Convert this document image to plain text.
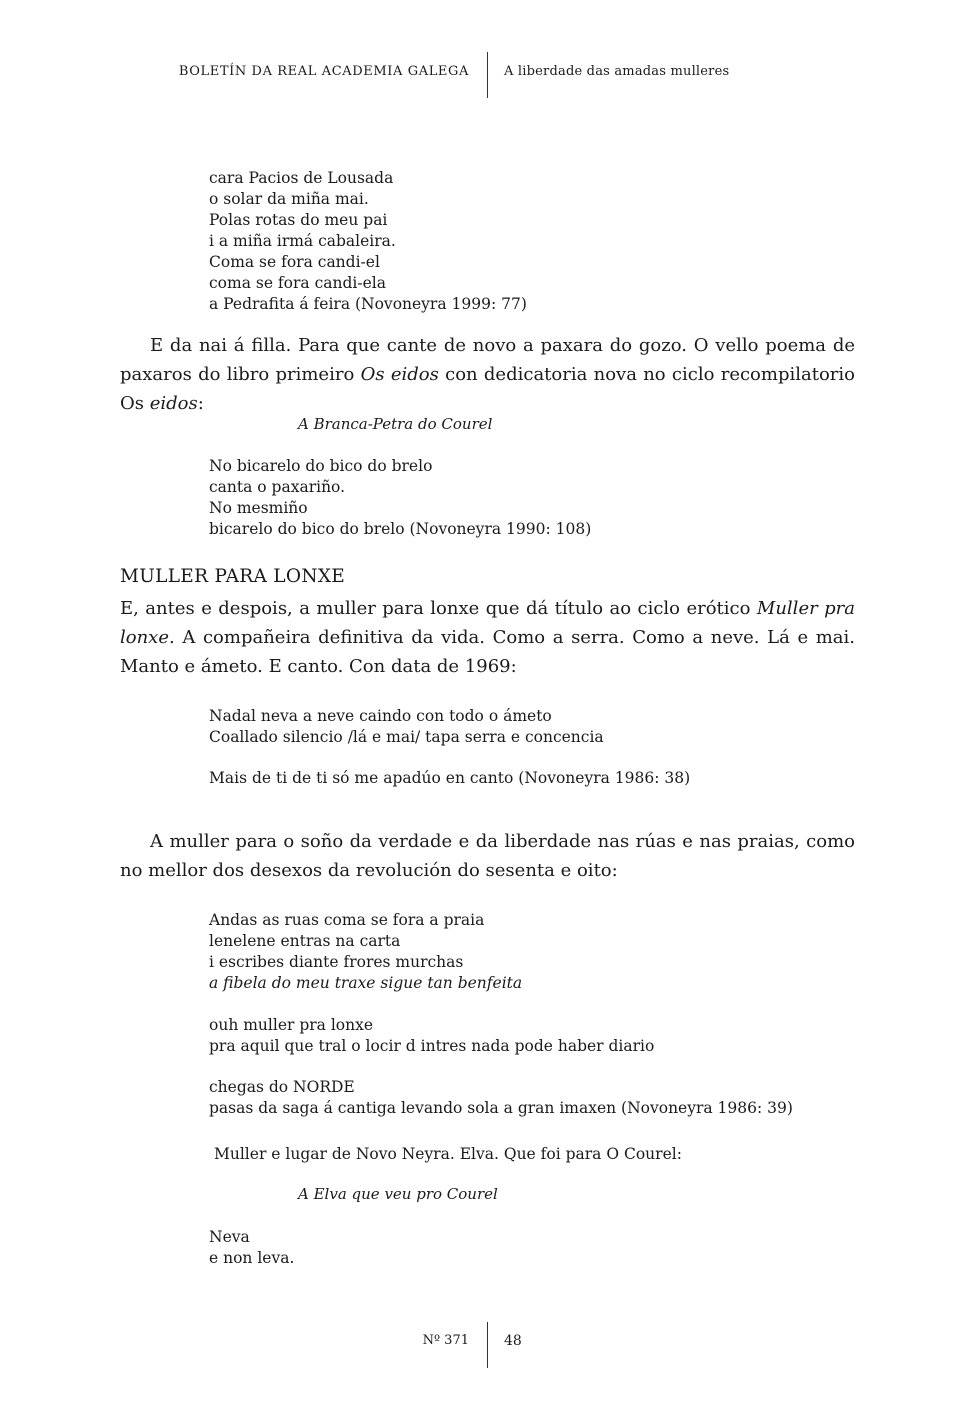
BOLETÍN DA REAL ACADEMIA GALEGA	A liberdade das amadas mulleres
cara Pacios de Lousada
o solar da miña mai.
Polas rotas do meu pai
i a miña irmá cabaleira.
Coma se fora candi-el
coma se fora candi-ela
a Pedrafita á feira (Novoneyra 1999: 77)
E da nai á filla. Para que cante de novo a paxara do gozo. O vello poema de paxaros do libro primeiro Os eidos con dedicatoria nova no ciclo recompilatorio Os eidos:
A Branca-Petra do Courel
No bicarelo do bico do brelo
canta o paxariño.
No mesmiño
bicarelo do bico do brelo (Novoneyra 1990: 108)
MULLER PARA LONXE
E, antes e despois, a muller para lonxe que dá título ao ciclo erótico Muller pra lonxe. A compañeira definitiva da vida. Como a serra. Como a neve. Lá e mai. Manto e ámeto. E canto. Con data de 1969:
Nadal neva a neve caindo con todo o ámeto
Coallado silencio /lá e mai/ tapa serra e concencia
Mais de ti de ti só me apadúo en canto (Novoneyra 1986: 38)
A muller para o soño da verdade e da liberdade nas rúas e nas praias, como no mellor dos desexos da revolución do sesenta e oito:
Andas as ruas coma se fora a praia
lenelene entras na carta
i escribes diante frores murchas
a fibela do meu traxe sigue tan benfeita
ouh muller pra lonxe
pra aquil que tral o locir d intres nada pode haber diario
chegas do NORDE
pasas da saga á cantiga levando sola a gran imaxen (Novoneyra 1986: 39)
Muller e lugar de Novo Neyra. Elva. Que foi para O Courel:
A Elva que veu pro Courel
Neva
e non leva.
Nº 371	48
